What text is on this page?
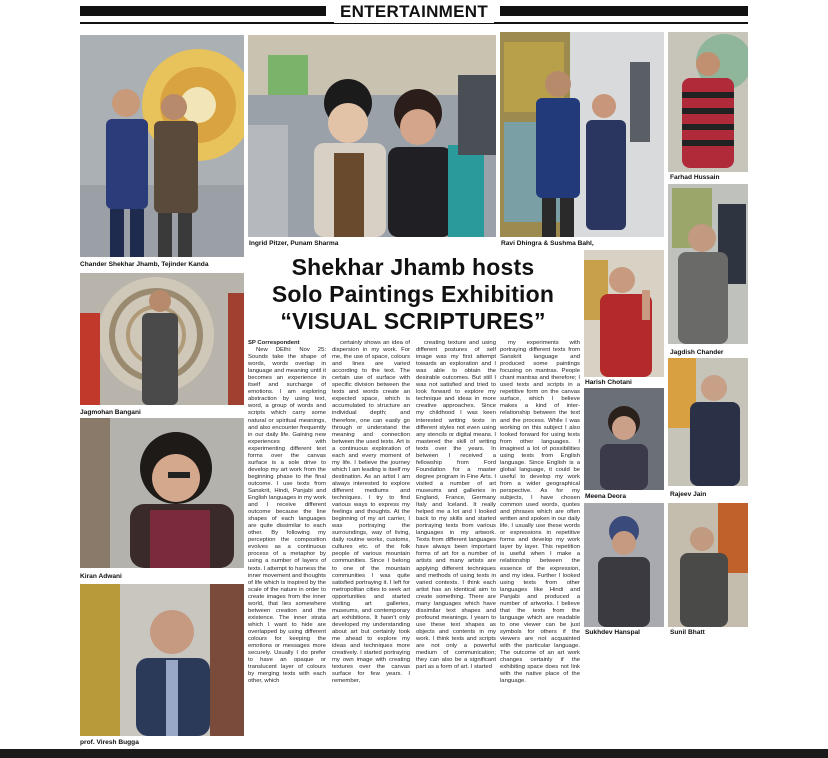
ENTERTAINMENT
Chander Shekhar Jhamb, Tejinder Kanda
Ingrid Pitzer, Punam Sharma	Ravi Dhingra & Sushma Bahl,
Farhad Hussain
Jagmohan Bangani
Jagdish Chander
Harish Chotani
Kiran Adwani
Meena Deora	Rajeev Jain
Sukhdev Hanspal	Sunil Bhatt
prof. Viresh Bugga
Shekhar Jhamb hosts
Solo Paintings Exhibition
“VISUAL SCRIPTURES”

SP Correspondent

New DElhi: Nov 25: Sounds take the shape of words, words overlap in language and meaning until it becomes an experience in itself and surcharge of emotions. I am exploring abstraction by using text, word, a group of words and scripts which carry some natural or spiritual meanings, and also encounter frequently in our daily life. Gaining new experiences with experimenting different text forms over the canvas surface is a sole drive to develop my art work from the beginning phase to the final outcome. I use texts from Sanskrit, Hindi, Panjabi and English languages in my work and I receive different outcome because the line shapes of each languages are quite dissimilar to each other. By following my perception the composition evolves as a continuous process of a metaphor by using a number of layers of texts. I attempt to harness the inner movement and thoughts of life which is inspired by the scale of the nature in order to create images from the inner world, that lies somewhere between creation and the existence. The inner strata which I want to hide are overlapped by using different colours for keeping the emotions or messages more securely. Usually I do prefer to have an opaque or translucent layer of colours by merging texts with each other, which

certainly shows an idea of dispersion in my work. For me, the use of space, colours and lines are varied according to the text. The certain use of surface with specific division between the texts and words create an expected space, which is accumulated to structure an individual depth; and therefore, one can easily go through or understand the meaning and connection between the used texts. Art is a continuous exploration of each and every moment of my life. I believe the journey which I am leading is itself my destination. As an artist I am always interested to explore different mediums and techniques. I try to find various ways to express my feelings and thoughts. At the beginning of my art carrier, I was portraying the surroundings, way of living, daily routine works, customs, cultures etc. of the folk people of various mountain communities. Since I belong to one of the mountain communities I was quite satisfied portraying it. I left for metropolitan cities to seek art opportunities and started visiting art galleries, museums, and contemporary art exhibitions. It hasn't only developed my understanding about art but certainly took me ahead to explore my ideas and techniques more creatively. I started portraying my own image with creating textures over the canvas surface for few years. I remember,

creating texture and using different postures of self image was my first attempt towards an exploration and I was able to obtain the desirable outcomes. But still I was not satisfied and tried to look forward to explore my technique and ideas in more creative approaches. Since my childhood I was keen interested writing texts in different styles not even using any stencils or digital means. I mastered the skill of writing texts over the years. In between I received a fellowship from Ford Foundation for a master degree program in Fine Arts. I visited a number of art museums and galleries in England, France, Germany Italy and Iceland. It really helped me a lot and I looked back to my skills and started portraying texts from various languages in my artwork. Texts from different languages have always been important forms of art for a number of artists and many artists are applying different techniques and methods of using texts in varied contexts. I think each artist has an identical aim to create something. There are many languages which have dissimilar text shapes and profound meanings. I yearn to use these text shapes as objects and contents in my work. I think texts and scripts are not only a powerful medium of communication; they can also be a significant part as a form of art. I started

my experiments with portraying different texts from Sanskrit language and produced some paintings focusing on mantras. People chant mantras and therefore; I used texts and scripts in a repetitive form on the canvas surface, which I believe makes a kind of inter-relationship between the text and the process. While I was working on this subject I also looked forward for using texts from other languages. I imagined a lot of possibilities using texts from English language. Since English is a global language, it could be useful to develop my work from a wider geographical perspective. As for my subjects, I have chosen common used words, quotes and phrases which are often written and spoken in our daily life. I usually use these words or expressions in repetitive forms and develop my work layer by layer. This repetition is useful when I make a relationship between the essence of the expression, and my idea. Further I looked using texts from other languages like Hindi and Panjabi and produced a number of artworks. I believe that the texts from the language which are readable to one viewer can be just symbols for others if the viewers are not acquainted with the particular language. The outcome of an art work changes certainly if the exhibiting space does not link with the native place of the language.
